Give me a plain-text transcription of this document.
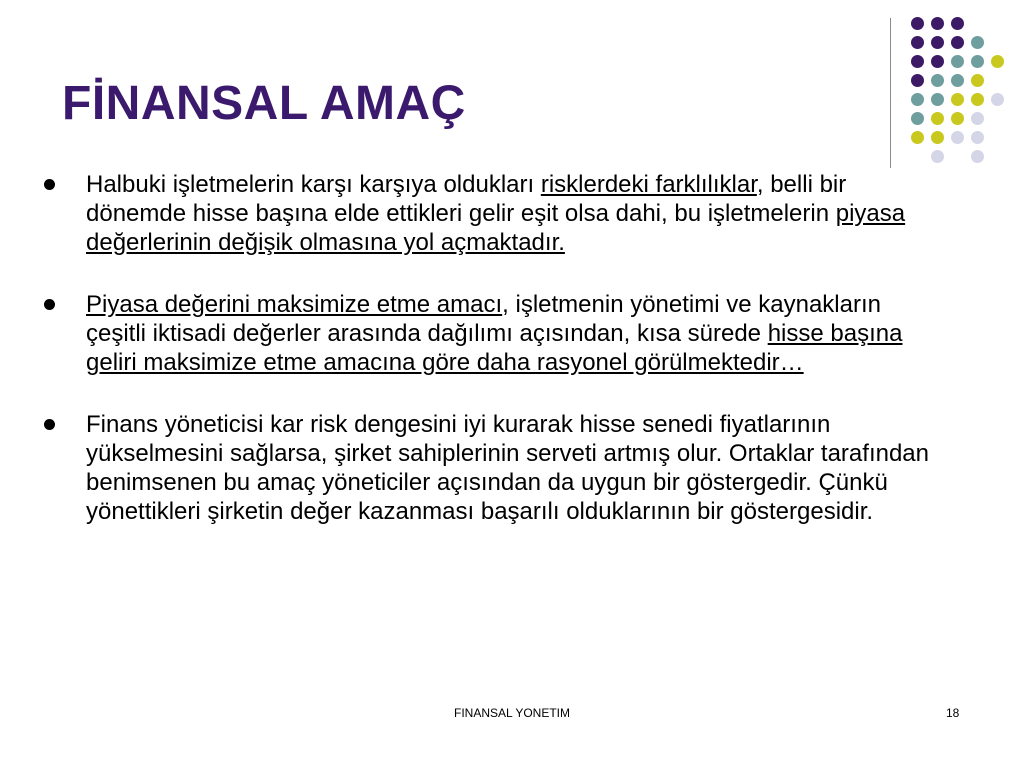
FİNANSAL AMAÇ

Halbuki işletmelerin karşı karşıya oldukları risklerdeki farklılıklar, belli bir dönemde hisse başına elde ettikleri gelir eşit olsa dahi, bu işletmelerin piyasa değerlerinin değişik olmasına yol açmaktadır.

Piyasa değerini maksimize etme amacı, işletmenin yönetimi ve kaynakların çeşitli iktisadi değerler arasında dağılımı açısından, kısa sürede hisse başına geliri maksimize etme amacına göre daha rasyonel görülmektedir…

Finans yöneticisi kar risk dengesini iyi kurarak hisse senedi fiyatlarının yükselmesini sağlarsa, şirket sahiplerinin serveti artmış olur. Ortaklar tarafından benimsenen bu amaç yöneticiler açısından da uygun bir göstergedir. Çünkü yönettikleri şirketin değer kazanması başarılı olduklarının bir göstergesidir.

FINANSAL YONETIM	18
